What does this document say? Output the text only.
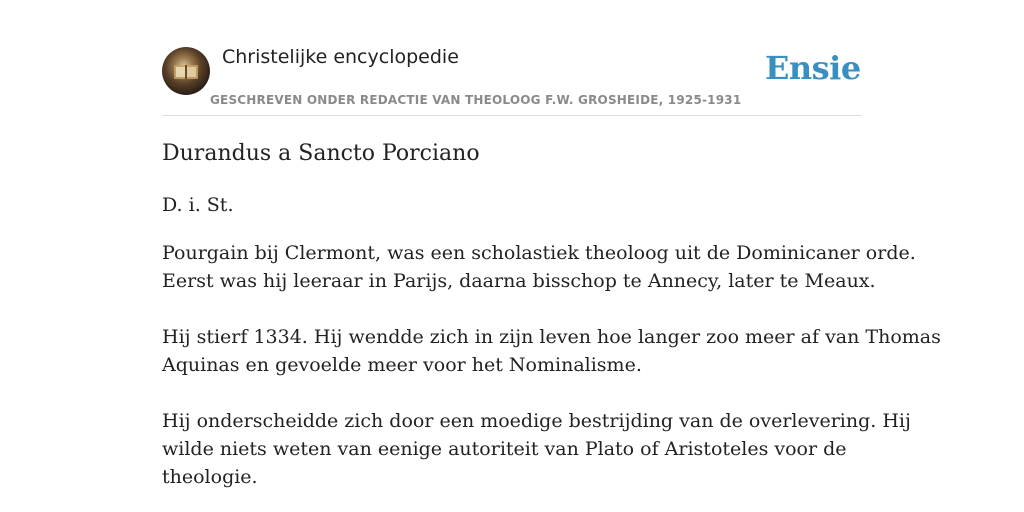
Christelijke encyclopedie
GESCHREVEN ONDER REDACTIE VAN THEOLOOG F.W. GROSHEIDE, 1925-1931
Ensie
Durandus a Sancto Porciano
D. i. St.

Pourgain bij Clermont, was een scholastiek theoloog uit de Dominicaner orde.
Eerst was hij leeraar in Parijs, daarna bisschop te Annecy, later te Meaux.

Hij stierf 1334. Hij wendde zich in zijn leven hoe langer zoo meer af van Thomas
Aquinas en gevoelde meer voor het Nominalisme.

Hij onderscheidde zich door een moedige bestrijding van de overlevering. Hij
wilde niets weten van eenige autoriteit van Plato of Aristoteles voor de
theologie.
